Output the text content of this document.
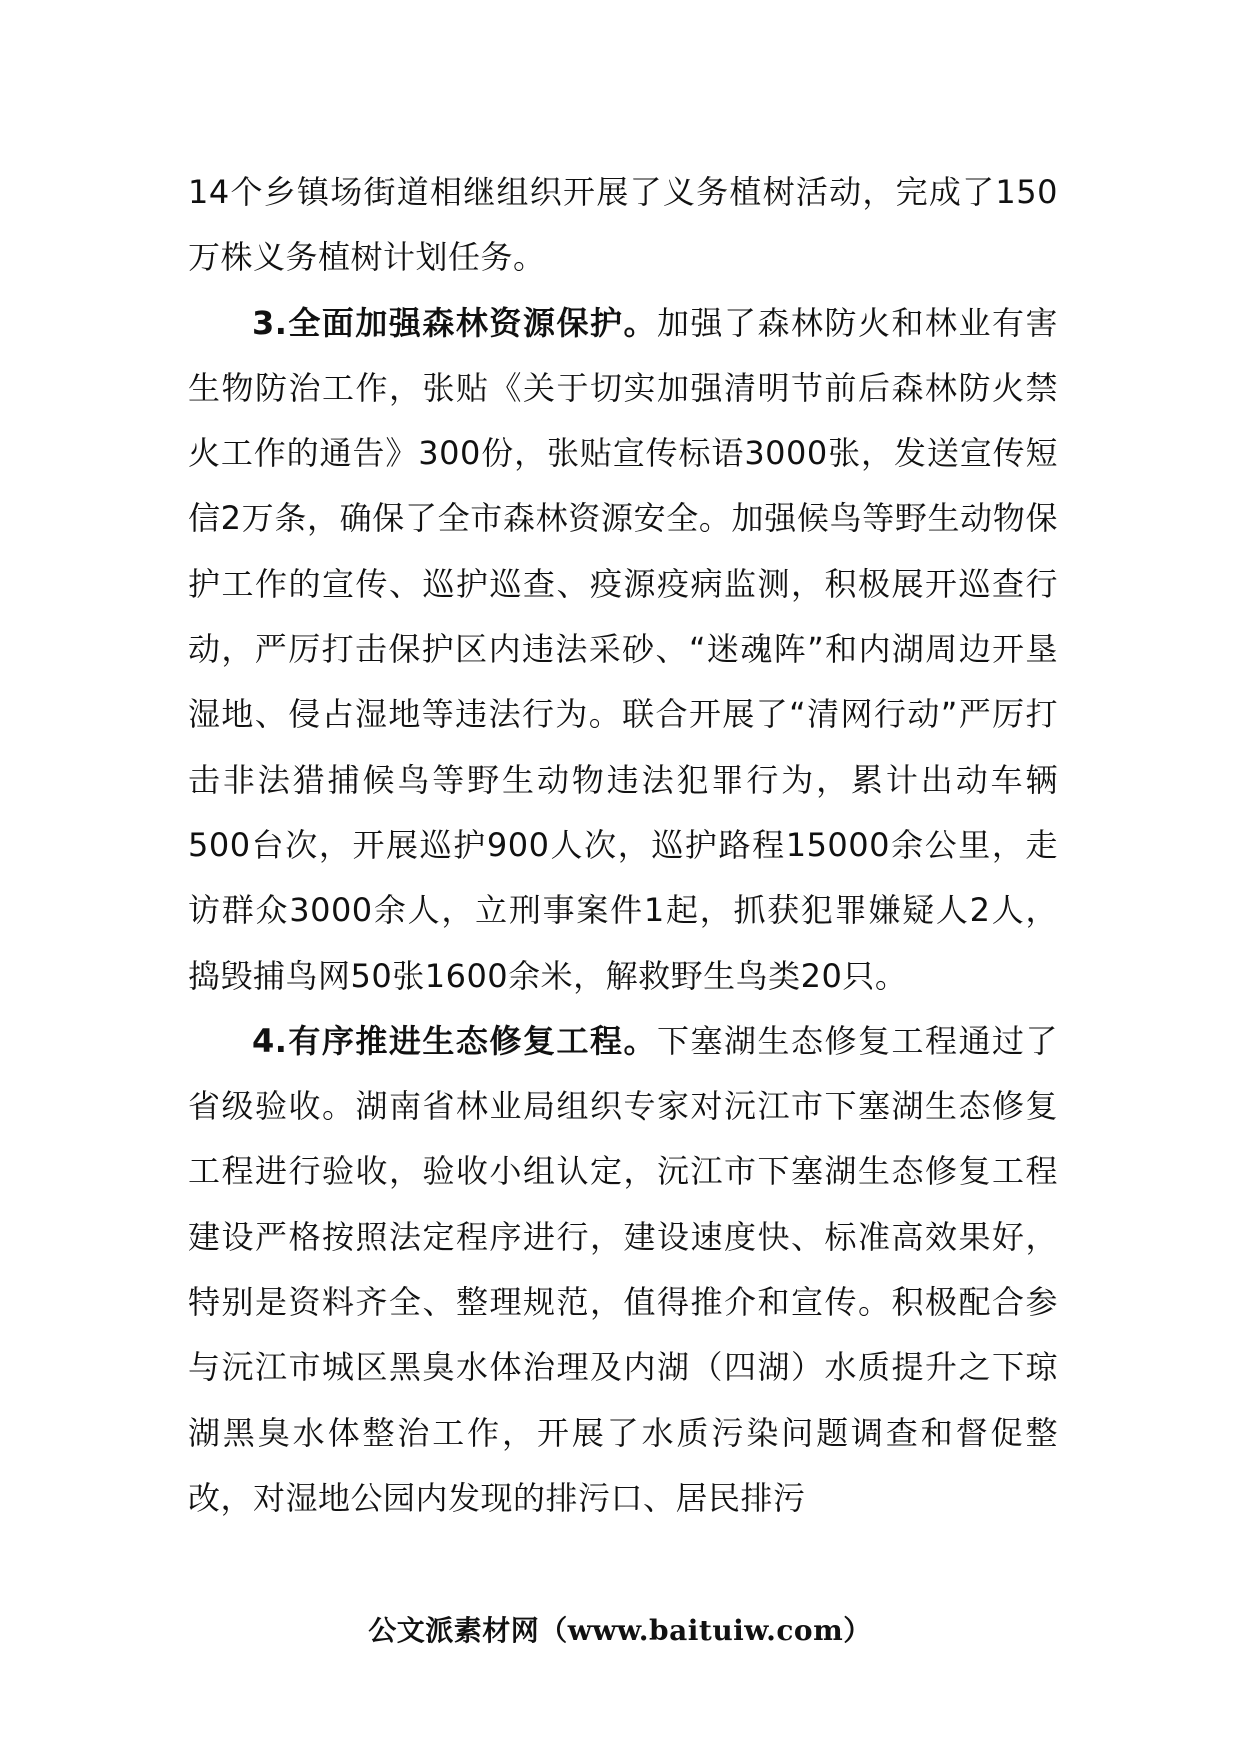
14个乡镇场街道相继组织开展了义务植树活动，完成了150万株义务植树计划任务。

3.全面加强森林资源保护。加强了森林防火和林业有害生物防治工作，张贴《关于切实加强清明节前后森林防火禁火工作的通告》300份，张贴宣传标语3000张，发送宣传短信2万条，确保了全市森林资源安全。加强候鸟等野生动物保护工作的宣传、巡护巡查、疫源疫病监测，积极展开巡查行动，严厉打击保护区内违法采砂、“迷魂阵”和内湖周边开垦湿地、侵占湿地等违法行为。联合开展了“清网行动”严厉打击非法猎捕候鸟等野生动物违法犯罪行为，累计出动车辆500台次，开展巡护900人次，巡护路程15000余公里，走访群众3000余人，立刑事案件1起，抓获犯罪嫌疑人2人，捣毁捕鸟网50张1600余米，解救野生鸟类20只。

4.有序推进生态修复工程。下塞湖生态修复工程通过了省级验收。湖南省林业局组织专家对沅江市下塞湖生态修复工程进行验收，验收小组认定，沅江市下塞湖生态修复工程建设严格按照法定程序进行，建设速度快、标准高效果好，特别是资料齐全、整理规范，值得推介和宣传。积极配合参与沅江市城区黑臭水体治理及内湖（四湖）水质提升之下琼湖黑臭水体整治工作，开展了水质污染问题调查和督促整改，对湿地公园内发现的排污口、居民排污

公文派素材网（www.baituiw.com）
